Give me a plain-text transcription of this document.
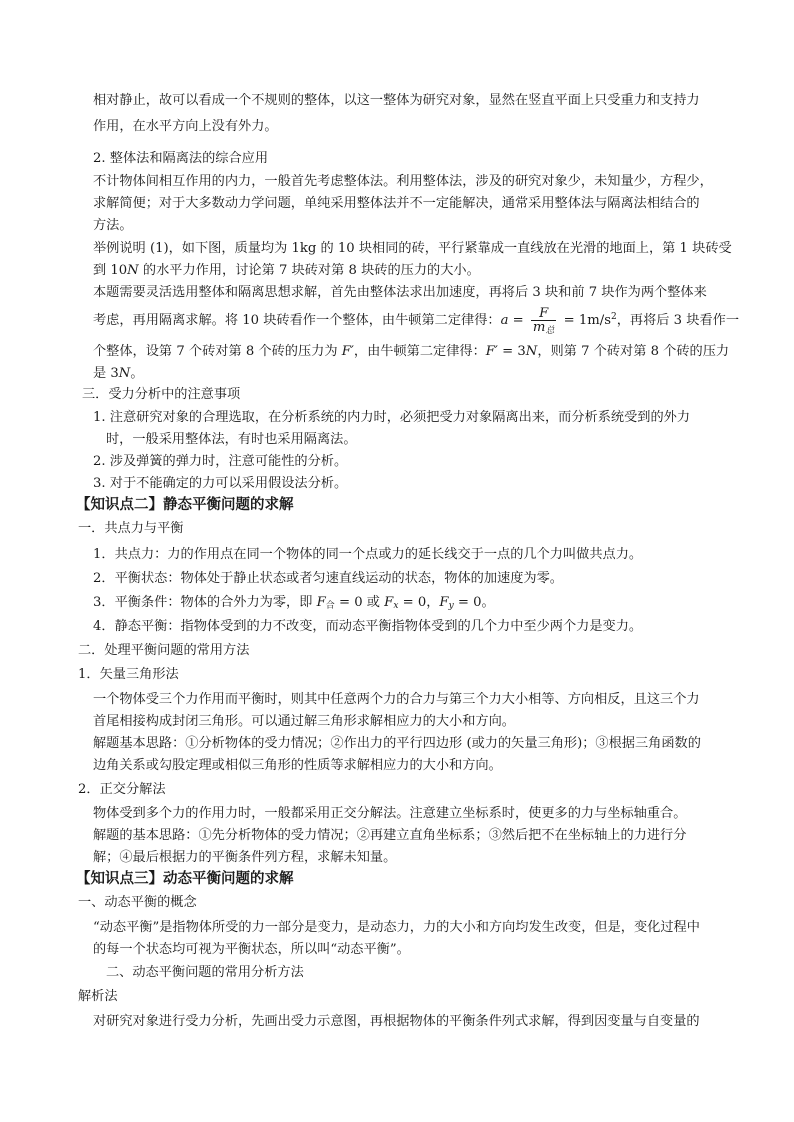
相对静止，故可以看成一个不规则的整体，以这一整体为研究对象，显然在竖直平面上只受重力和支持力
作用，在水平方向上没有外力。
2. 整体法和隔离法的综合应用
不计物体间相互作用的内力，一般首先考虑整体法。利用整体法，涉及的研究对象少，未知量少，方程少，
求解简便；对于大多数动力学问题，单纯采用整体法并不一定能解决，通常采用整体法与隔离法相结合的
方法。
举例说明 (1)，如下图，质量均为 1kg 的 10 块相同的砖，平行紧靠成一直线放在光滑的地面上，第 1 块砖受
到 10N 的水平力作用，讨论第 7 块砖对第 8 块砖的压力的大小。
本题需要灵活选用整体和隔离思想求解，首先由整体法求出加速度，再将后 3 块和前 7 块作为两个整体来
考虑，再用隔离求解。将 10 块砖看作一个整体，由牛顿第二定律得：$a = \frac{F}{m_总} = 1m/s^2$，再将后 3 块看作一
个整体，设第 7 个砖对第 8 个砖的压力为 F′，由牛顿第二定律得：F′ = 3N，则第 7 个砖对第 8 个砖的压力
是 3N。
三．受力分析中的注意事项
1. 注意研究对象的合理选取，在分析系统的内力时，必须把受力对象隔离出来，而分析系统受到的外力
时，一般采用整体法，有时也采用隔离法。
2. 涉及弹簧的弹力时，注意可能性的分析。
3. 对于不能确定的力可以采用假设法分析。
【知识点二】静态平衡问题的求解
一．共点力与平衡
1．共点力：力的作用点在同一个物体的同一个点或力的延长线交于一点的几个力叫做共点力。
2．平衡状态：物体处于静止状态或者匀速直线运动的状态，物体的加速度为零。
3．平衡条件：物体的合外力为零，即 $F_合 = 0$ 或 $F_x = 0$，$F_y = 0$。
4．静态平衡：指物体受到的力不改变，而动态平衡指物体受到的几个力中至少两个力是变力。
二．处理平衡问题的常用方法
1．矢量三角形法
一个物体受三个力作用而平衡时，则其中任意两个力的合力与第三个力大小相等、方向相反，且这三个力
首尾相接构成封闭三角形。可以通过解三角形求解相应力的大小和方向。
解题基本思路：①分析物体的受力情况；②作出力的平行四边形 (或力的矢量三角形)；③根据三角函数的
边角关系或勾股定理或相似三角形的性质等求解相应力的大小和方向。
2．正交分解法
物体受到多个力的作用力时，一般都采用正交分解法。注意建立坐标系时，使更多的力与坐标轴重合。
解题的基本思路：①先分析物体的受力情况；②再建立直角坐标系；③然后把不在坐标轴上的力进行分
解；④最后根据力的平衡条件列方程，求解未知量。
【知识点三】动态平衡问题的求解
一、动态平衡的概念
“动态平衡”是指物体所受的力一部分是变力，是动态力，力的大小和方向均发生改变，但是，变化过程中
的每一个状态均可视为平衡状态，所以叫“动态平衡”。
二、动态平衡问题的常用分析方法
解析法
对研究对象进行受力分析，先画出受力示意图，再根据物体的平衡条件列式求解，得到因变量与自变量的
